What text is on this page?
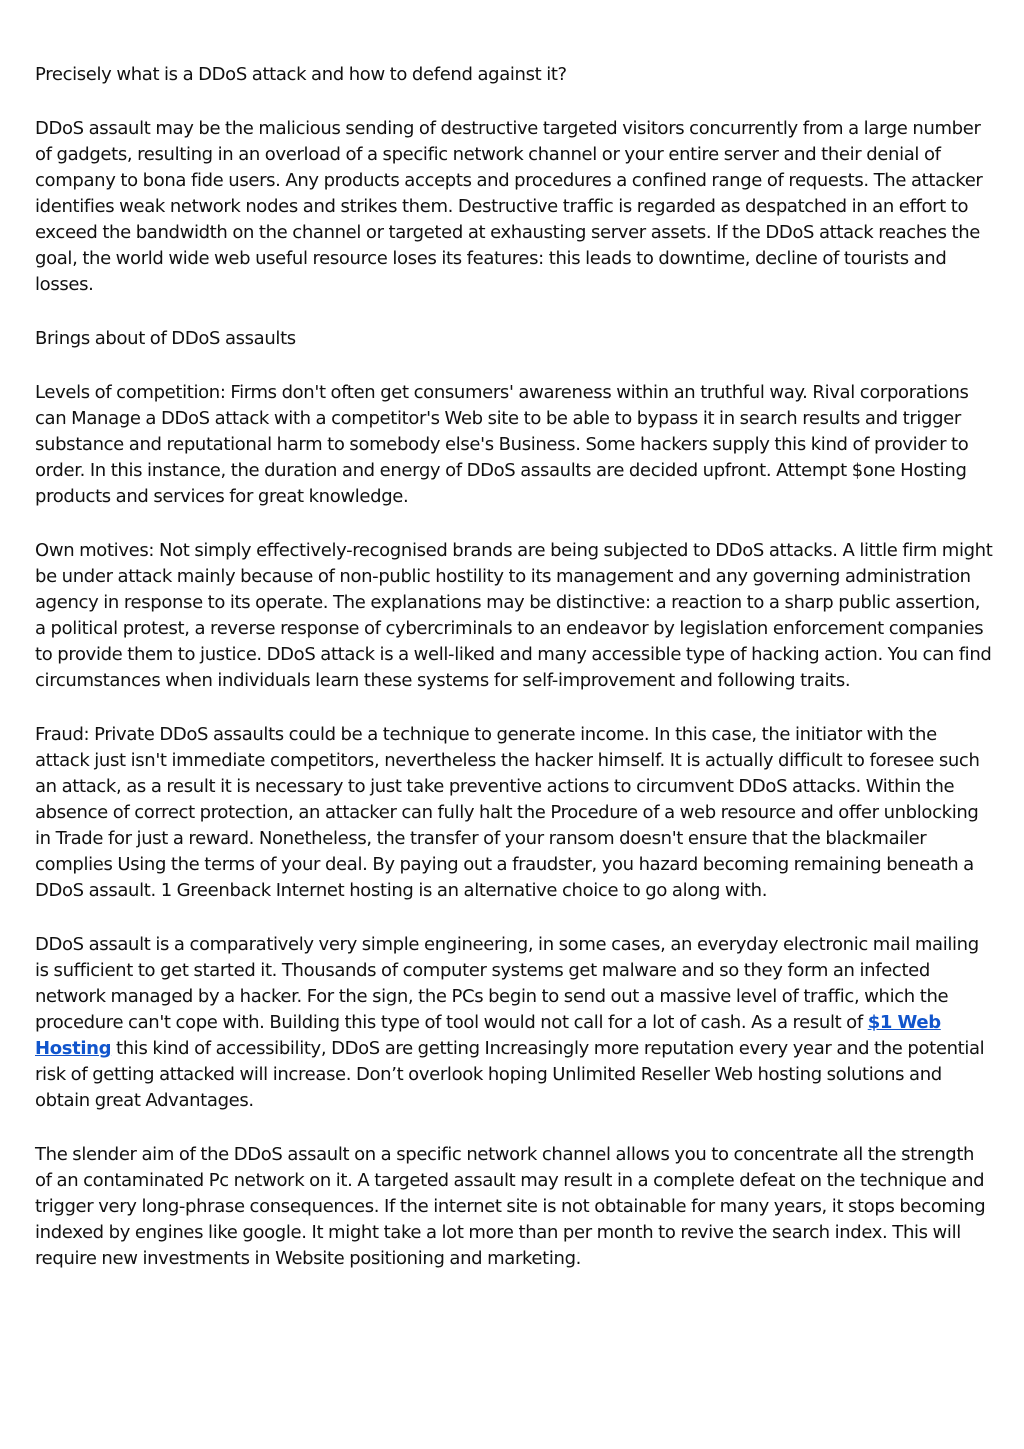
Precisely what is a DDoS attack and how to defend against it?

DDoS assault may be the malicious sending of destructive targeted visitors concurrently from a large number of gadgets, resulting in an overload of a specific network channel or your entire server and their denial of company to bona fide users. Any products accepts and procedures a confined range of requests. The attacker identifies weak network nodes and strikes them. Destructive traffic is regarded as despatched in an effort to exceed the bandwidth on the channel or targeted at exhausting server assets. If the DDoS attack reaches the goal, the world wide web useful resource loses its features: this leads to downtime, decline of tourists and losses.

Brings about of DDoS assaults

Levels of competition: Firms don't often get consumers' awareness within an truthful way. Rival corporations can Manage a DDoS attack with a competitor's Web site to be able to bypass it in search results and trigger substance and reputational harm to somebody else's Business. Some hackers supply this kind of provider to order. In this instance, the duration and energy of DDoS assaults are decided upfront. Attempt $one Hosting products and services for great knowledge.

Own motives: Not simply effectively-recognised brands are being subjected to DDoS attacks. A little firm might be under attack mainly because of non-public hostility to its management and any governing administration agency in response to its operate. The explanations may be distinctive: a reaction to a sharp public assertion, a political protest, a reverse response of cybercriminals to an endeavor by legislation enforcement companies to provide them to justice. DDoS attack is a well-liked and many accessible type of hacking action. You can find circumstances when individuals learn these systems for self-improvement and following traits.

Fraud: Private DDoS assaults could be a technique to generate income. In this case, the initiator with the attack just isn't immediate competitors, nevertheless the hacker himself. It is actually difficult to foresee such an attack, as a result it is necessary to just take preventive actions to circumvent DDoS attacks. Within the absence of correct protection, an attacker can fully halt the Procedure of a web resource and offer unblocking in Trade for just a reward. Nonetheless, the transfer of your ransom doesn't ensure that the blackmailer complies Using the terms of your deal. By paying out a fraudster, you hazard becoming remaining beneath a DDoS assault. 1 Greenback Internet hosting is an alternative choice to go along with.

DDoS assault is a comparatively very simple engineering, in some cases, an everyday electronic mail mailing is sufficient to get started it. Thousands of computer systems get malware and so they form an infected network managed by a hacker. For the sign, the PCs begin to send out a massive level of traffic, which the procedure can't cope with. Building this type of tool would not call for a lot of cash. As a result of $1 Web Hosting this kind of accessibility, DDoS are getting Increasingly more reputation every year and the potential risk of getting attacked will increase. Don’t overlook hoping Unlimited Reseller Web hosting solutions and obtain great Advantages.

The slender aim of the DDoS assault on a specific network channel allows you to concentrate all the strength of an contaminated Pc network on it. A targeted assault may result in a complete defeat on the technique and trigger very long-phrase consequences. If the internet site is not obtainable for many years, it stops becoming indexed by engines like google. It might take a lot more than per month to revive the search index. This will require new investments in Website positioning and marketing.
